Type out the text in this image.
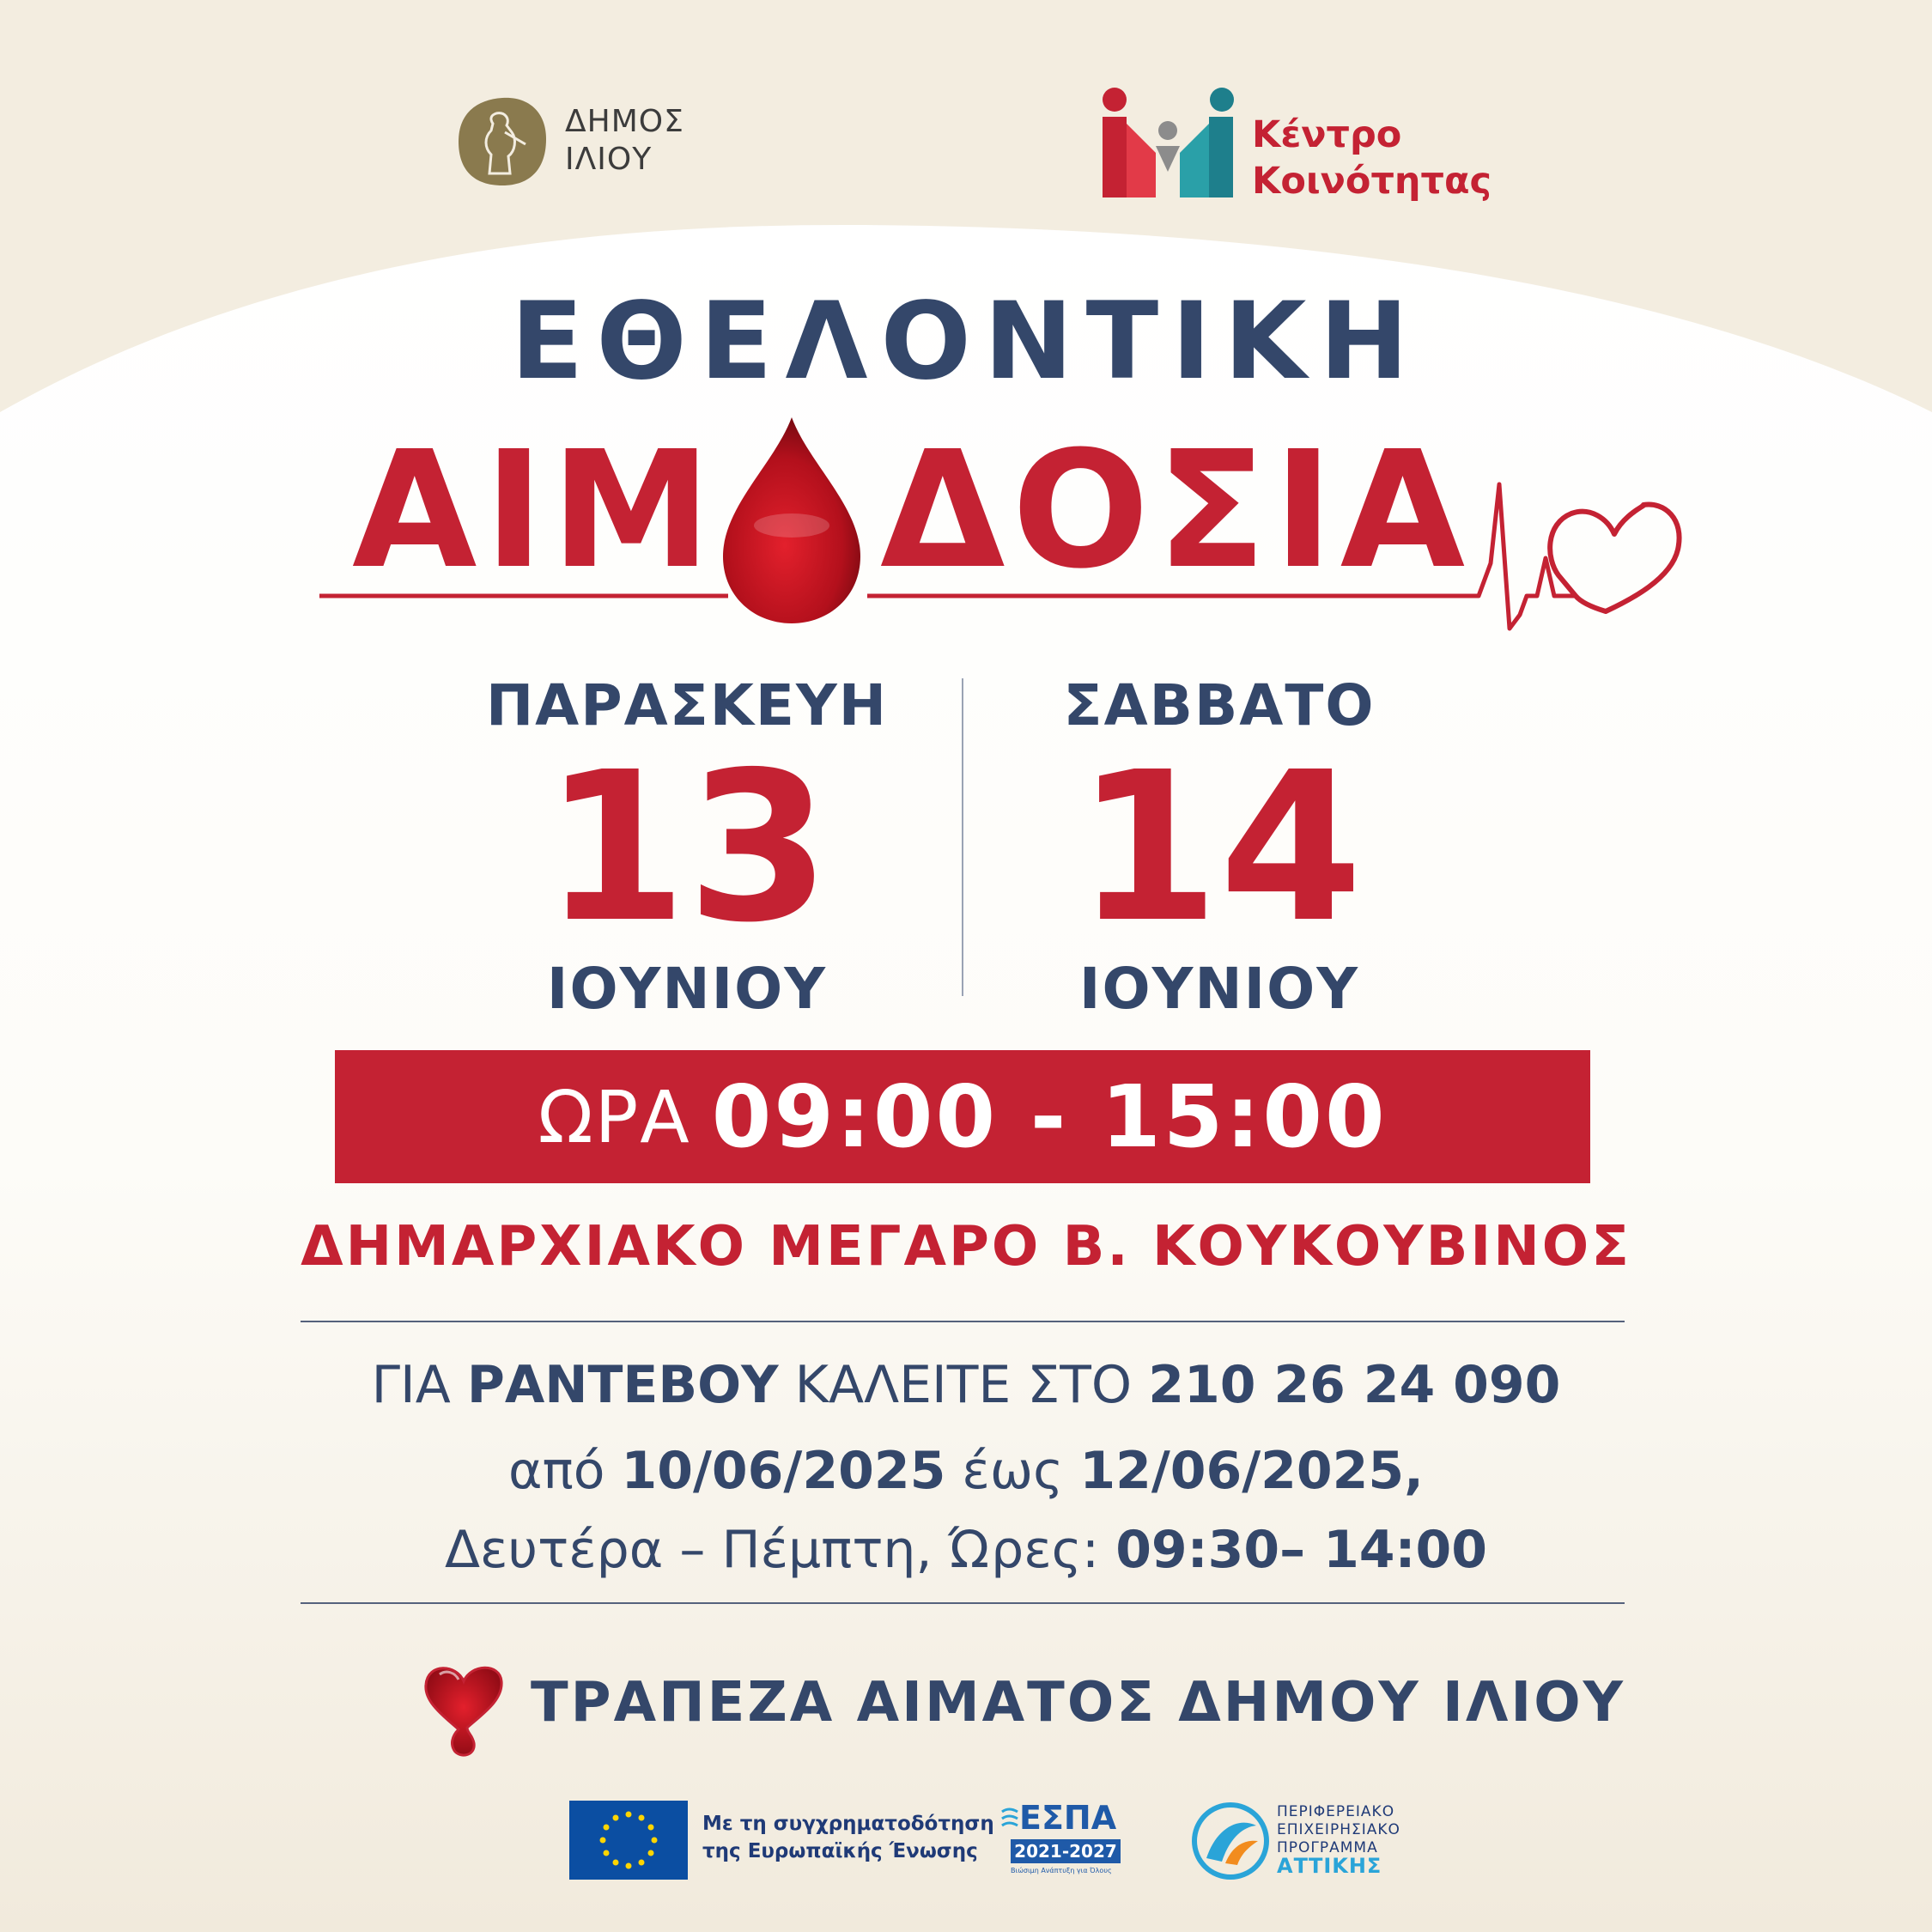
ΔΗΜΟΣ
ΙΛΙΟΥ
Κέντρο
Κοινότητας
ΕΘΕΛΟΝΤΙΚΗ
ΑΙΜ ΔΟΣΙΑ
ΠΑΡΑΣΚΕΥΗ
13
ΙΟΥΝΙΟΥ
ΣΑΒΒΑΤΟ
14
ΙΟΥΝΙΟΥ
ΩΡΑ 09:00 - 15:00
ΔΗΜΑΡΧΙΑΚΟ ΜΕΓΑΡΟ Β. ΚΟΥΚΟΥΒΙΝΟΣ
ΓΙΑ ΡΑΝΤΕΒΟΥ ΚΑΛΕΙΤΕ ΣΤΟ 210 26 24 090
από 10/06/2025 έως 12/06/2025,
Δευτέρα – Πέμπτη, Ώρες: 09:30– 14:00
ΤΡΑΠΕΖΑ ΑΙΜΑΤΟΣ ΔΗΜΟΥ ΙΛΙΟΥ
Με τη συγχρηματοδότηση
της Ευρωπαϊκής Ένωσης
ΕΣΠΑ
2021-2027
Βιώσιμη Ανάπτυξη για Όλους
ΠΕΡΙΦΕΡΕΙΑΚΟ
ΕΠΙΧΕΙΡΗΣΙΑΚΟ
ΠΡΟΓΡΑΜΜΑ
ΑΤΤΙΚΗΣ
